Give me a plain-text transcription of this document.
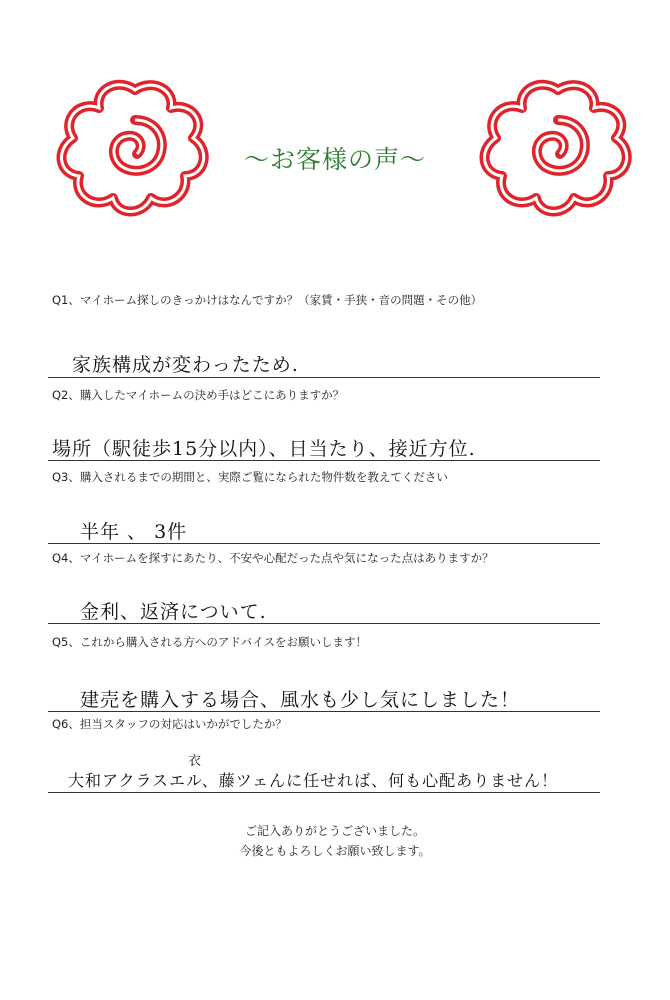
〜お客様の声〜
Q1、マイホーム探しのきっかけはなんですか？（家賃・手狭・音の問題・その他）
家族構成が変わったため.
Q2、購入したマイホームの決め手はどこにありますか？
場所（駅徒歩15分以内）、日当たり、接近方位.
Q3、購入されるまでの期間と、実際ご覧になられた物件数を教えてください
半年 、 3件
Q4、マイホームを探すにあたり、不安や心配だった点や気になった点はありますか？
金利、返済について.
Q5、これから購入される方へのアドバイスをお願いします！
建売を購入する場合、風水も少し気にしました！
Q6、担当スタッフの対応はいかがでしたか？
衣
大和アクラスエル、藤ツェんに任せれば、何も心配ありません！
ご記入ありがとうございました。
今後ともよろしくお願い致します。
